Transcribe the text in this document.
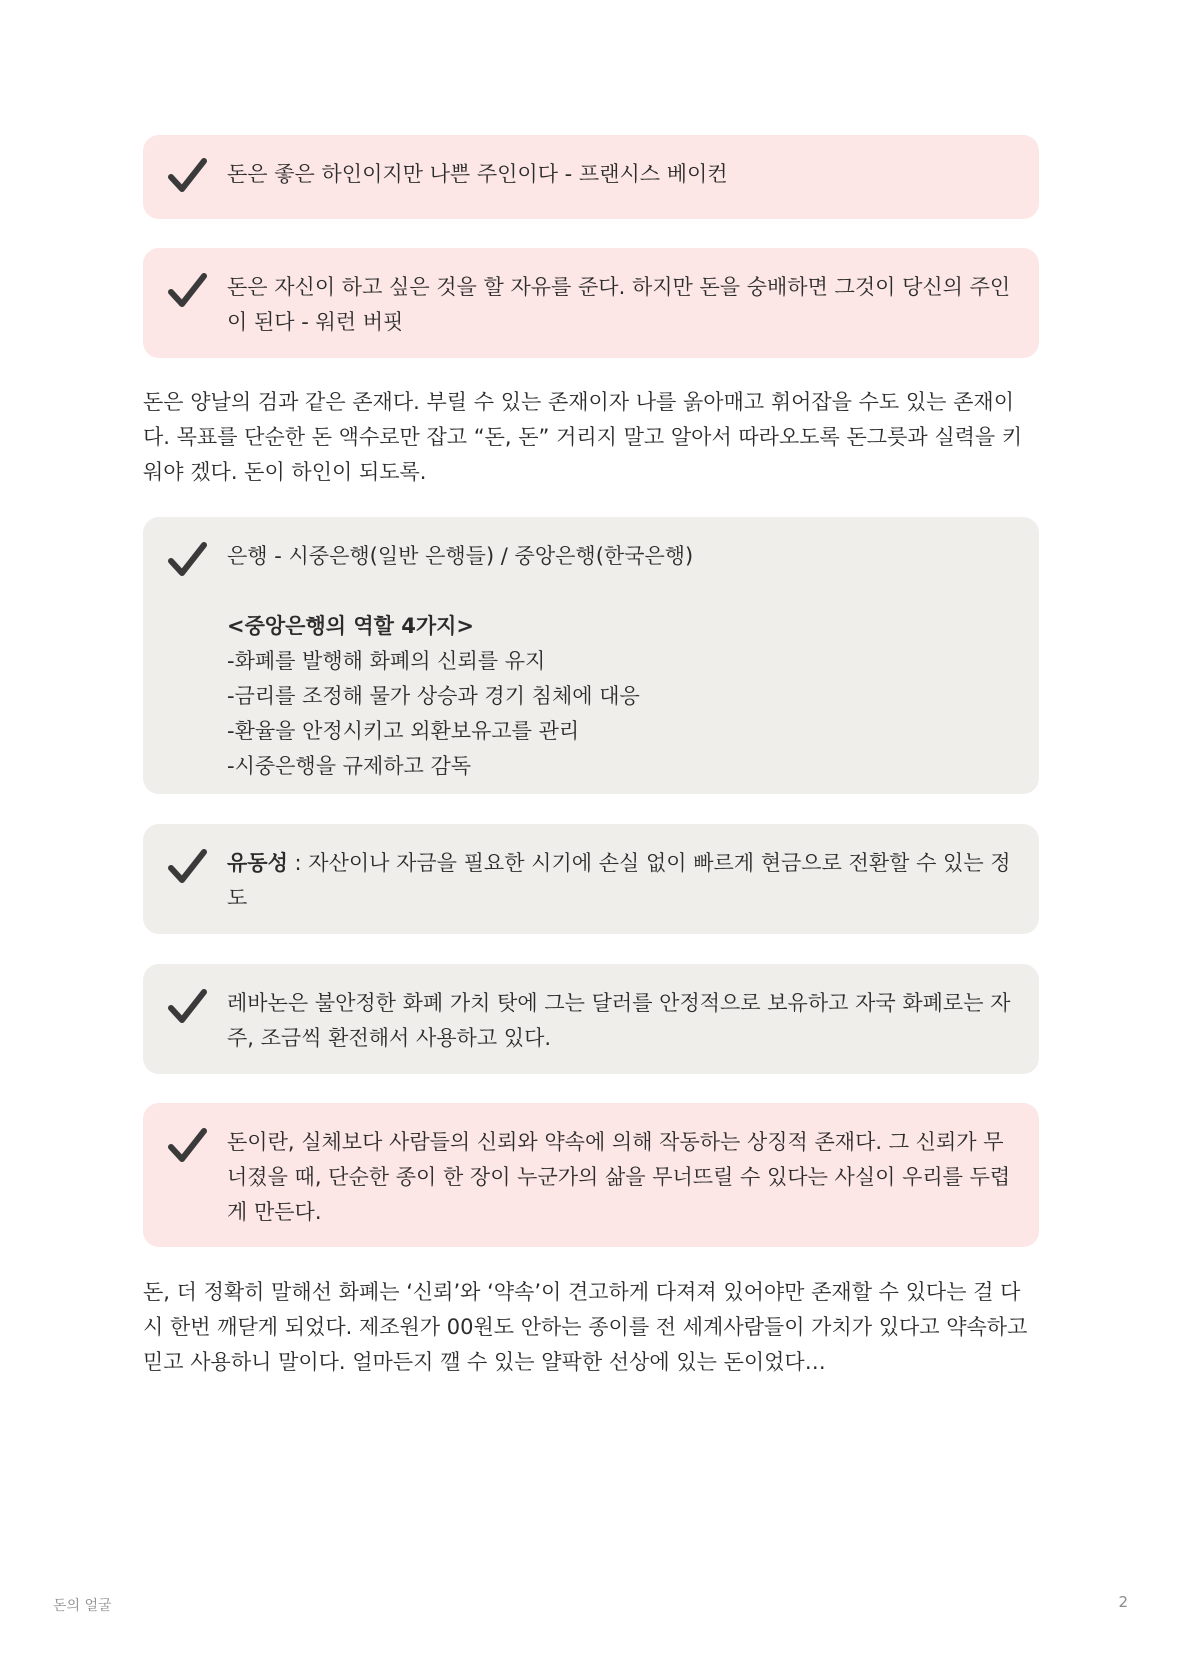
돈은 좋은 하인이지만 나쁜 주인이다 - 프랜시스 베이컨
돈은 자신이 하고 싶은 것을 할 자유를 준다. 하지만 돈을 숭배하면 그것이 당신의 주인이 된다 - 워런 버핏
돈은 양날의 검과 같은 존재다. 부릴 수 있는 존재이자 나를 옭아매고 휘어잡을 수도 있는 존재이다. 목표를 단순한 돈 액수로만 잡고 “돈, 돈” 거리지 말고 알아서 따라오도록 돈그릇과 실력을 키워야 겠다. 돈이 하인이 되도록.
은행 - 시중은행(일반 은행들) / 중앙은행(한국은행)
<중앙은행의 역할 4가지>
-화폐를 발행해 화폐의 신뢰를 유지
-금리를 조정해 물가 상승과 경기 침체에 대응
-환율을 안정시키고 외환보유고를 관리
-시중은행을 규제하고 감독
유동성 : 자산이나 자금을 필요한 시기에 손실 없이 빠르게 현금으로 전환할 수 있는 정도
레바논은 불안정한 화폐 가치 탓에 그는 달러를 안정적으로 보유하고 자국 화폐로는 자주, 조금씩 환전해서 사용하고 있다.
돈이란, 실체보다 사람들의 신뢰와 약속에 의해 작동하는 상징적 존재다. 그 신뢰가 무너졌을 때, 단순한 종이 한 장이 누군가의 삶을 무너뜨릴 수 있다는 사실이 우리를 두렵게 만든다.
돈, 더 정확히 말해선 화폐는 ‘신뢰’와 ‘약속’이 견고하게 다져져 있어야만 존재할 수 있다는 걸 다시 한번 깨닫게 되었다. 제조원가 00원도 안하는 종이를 전 세계사람들이 가치가 있다고 약속하고 믿고 사용하니 말이다. 얼마든지 깰 수 있는 얄팍한 선상에 있는 돈이었다…
돈의 얼굴	2
